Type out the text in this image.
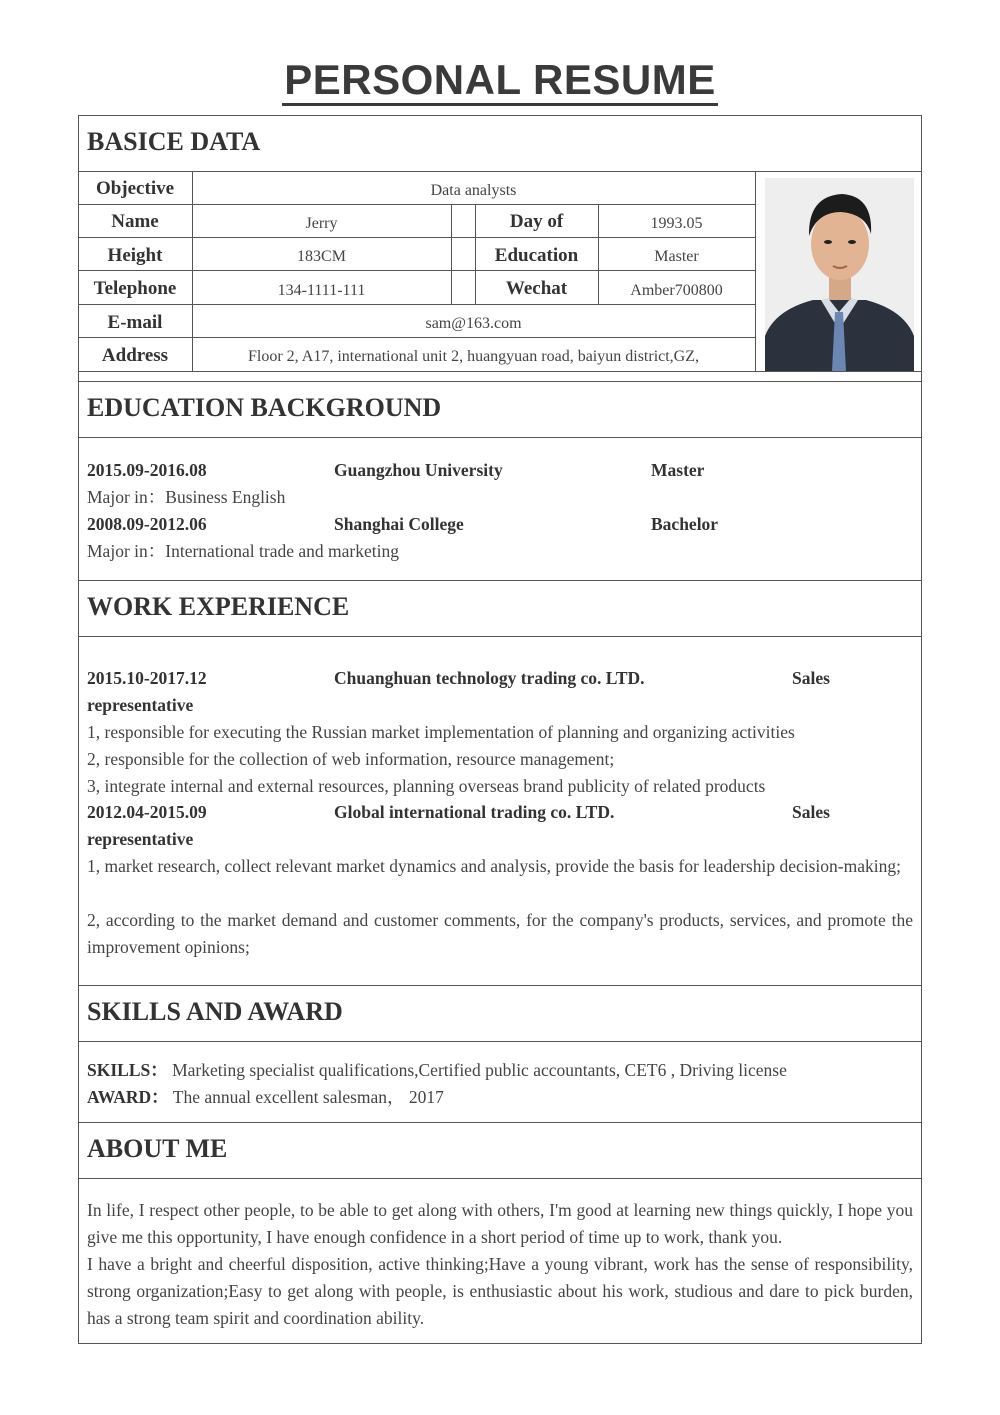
PERSONAL RESUME
BASICE DATA
EDUCATION BACKGROUND
WORK EXPERIENCE
SKILLS AND AWARD
ABOUT ME
Objective	Data analysts
Name	Jerry	Day of	1993.05
Height	183CM	Education	Master
Telephone	134-1111-111	Wechat	Amber700800
E-mail	sam@163.com
Address	Floor 2, A17, international unit 2, huangyuan road, baiyun district,GZ,
2015.09-2016.08	Guangzhou University	Master
Major in：Business English
2008.09-2012.06	Shanghai College	Bachelor
Major in：International trade and marketing
2015.10-2017.12	Chuanghuan technology trading co. LTD.	Sales
representative
1, responsible for executing the Russian market implementation of planning and organizing activities
2, responsible for the collection of web information, resource management;
3, integrate internal and external resources, planning overseas brand publicity of related products
2012.04-2015.09	Global international trading co. LTD.	Sales
representative
1, market research, collect relevant market dynamics and analysis, provide the basis for leadership decision-making;
2, according to the market demand and customer comments, for the company's products, services, and promote the improvement opinions;
SKILLS： Marketing specialist qualifications,Certified public accountants, CET6 , Driving license
AWARD： The annual excellent salesman， 2017
In life, I respect other people, to be able to get along with others, I'm good at learning new things quickly, I hope you give me this opportunity, I have enough confidence in a short period of time up to work, thank you.
I have a bright and cheerful disposition, active thinking;Have a young vibrant, work has the sense of responsibility, strong organization;Easy to get along with people, is enthusiastic about his work, studious and dare to pick burden, has a strong team spirit and coordination ability.
